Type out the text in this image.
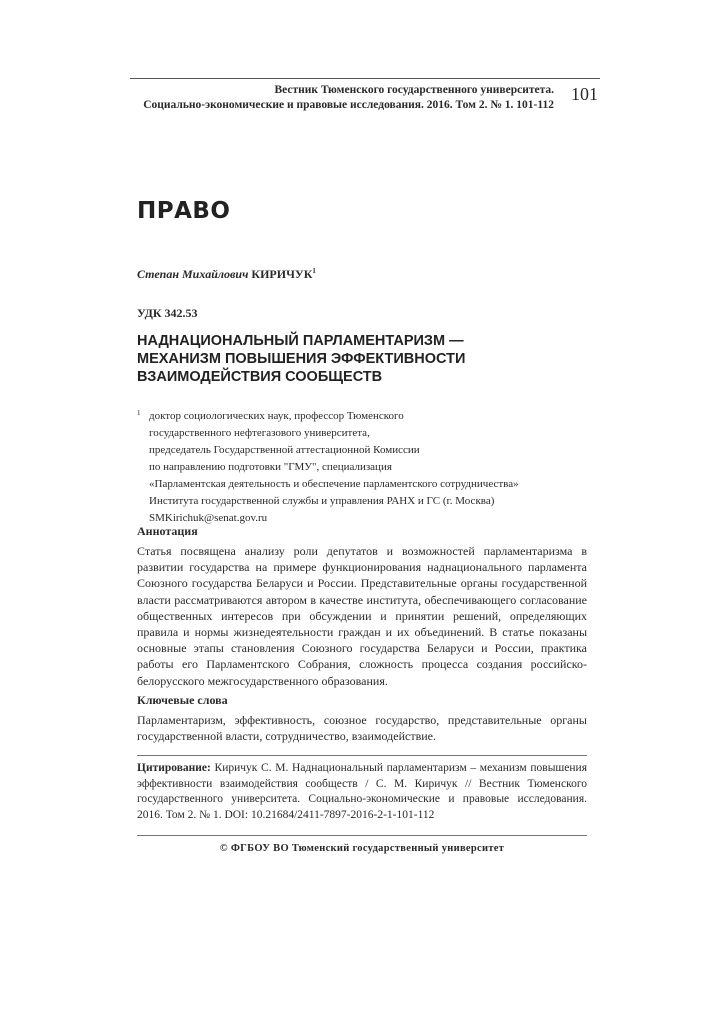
Вестник Тюменского государственного университета.
Социально-экономические и правовые исследования. 2016. Том 2. № 1. 101-112
101
ПРАВО
Степан Михайлович КИРИЧУК$^1$
УДК 342.53
НАДНАЦИОНАЛЬНЫЙ ПАРЛАМЕНТАРИЗМ —
МЕХАНИЗМ ПОВЫШЕНИЯ ЭФФЕКТИВНОСТИ
ВЗАИМОДЕЙСТВИЯ СООБЩЕСТВ
1 доктор социологических наук, профессор Тюменского
государственного нефтегазового университета,
председатель Государственной аттестационной Комиссии
по направлению подготовки "ГМУ", специализация
«Парламентская деятельность и обеспечение парламентского сотрудничества»
Института государственной службы и управления РАНХ и ГС (г. Москва)
SMKirichuk@senat.gov.ru
Аннотация
Статья посвящена анализу роли депутатов и возможностей парламентаризма в развитии государства на примере функционирования наднационального парламента Союзного государства Беларуси и России. Представительные органы государственной власти рассматриваются автором в качестве института, обеспечивающего согласование общественных интересов при обсуждении и принятии решений, определяющих правила и нормы жизнедеятельности граждан и их объединений. В статье показаны основные этапы становления Союзного государства Беларуси и России, практика работы его Парламентского Собрания, сложность процесса создания российско-белорусского межгосударственного образования.
Ключевые слова
Парламентаризм, эффективность, союзное государство, представительные органы государственной власти, сотрудничество, взаимодействие.
Цитирование: Киричук С. М. Наднациональный парламентаризм – механизм повышения эффективности взаимодействия сообществ / С. М. Киричук // Вестник Тюменского государственного университета. Социально-экономические и правовые исследования. 2016. Том 2. № 1. DOI: 10.21684/2411-7897-2016-2-1-101-112
© ФГБОУ ВО Тюменский государственный университет
